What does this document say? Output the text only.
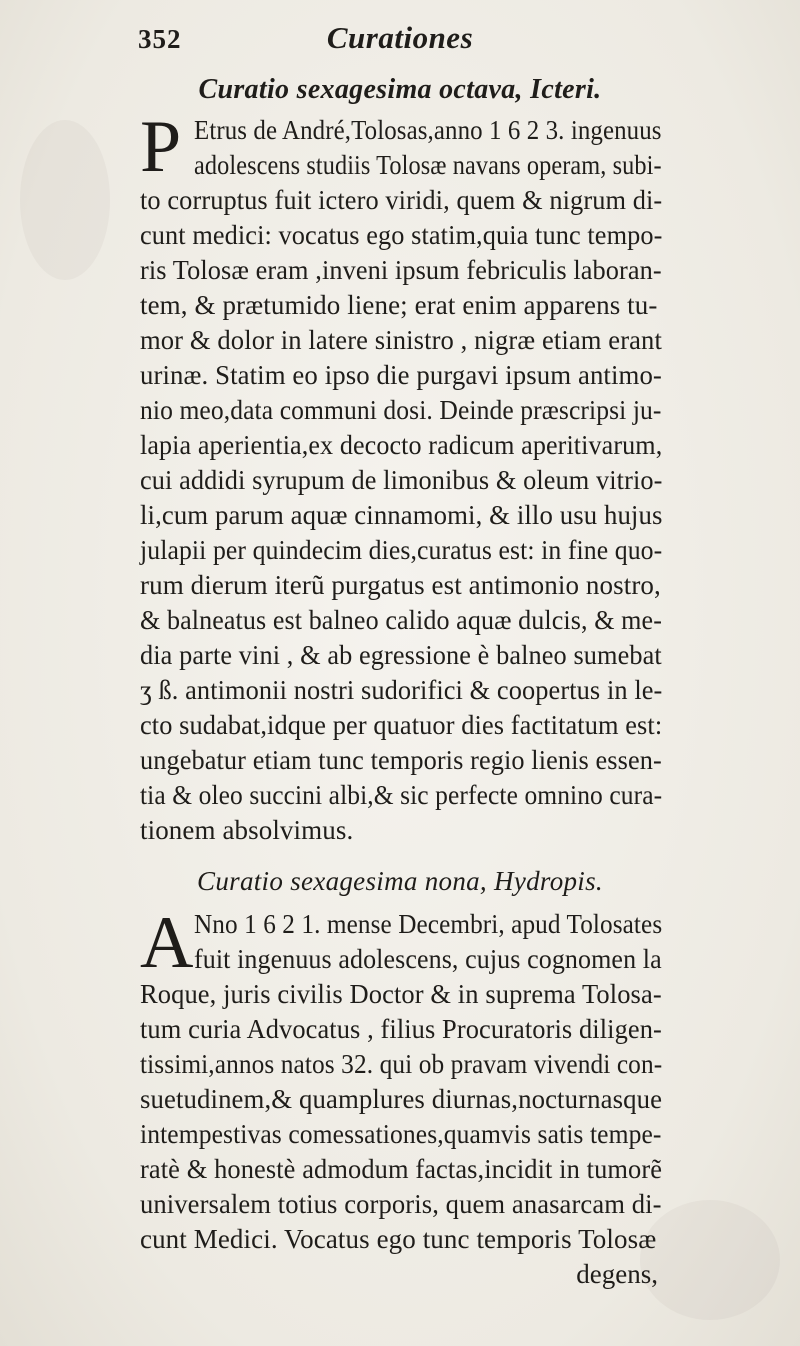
352	Curationes
Curatio sexagesima octava, Icteri.
P Etrus de André,Tolosas,anno 1 6 2 3. ingenuus
adolescens studiis Tolosæ navans operam, subi-
to corruptus fuit ictero viridi, quem & nigrum di-
cunt medici: vocatus ego statim,quia tunc tempo-
ris Tolosæ eram ,inveni ipsum febriculis laboran-
tem, & prætumido liene; erat enim apparens tu-
mor & dolor in latere sinistro , nigræ etiam erant
urinæ. Statim eo ipso die purgavi ipsum antimo-
nio meo,data communi dosi. Deinde præscripsi ju-
lapia aperientia,ex decocto radicum aperitivarum,
cui addidi syrupum de limonibus & oleum vitrio-
li,cum parum aquæ cinnamomi, & illo usu hujus
julapii per quindecim dies,curatus est: in fine quo-
rum dierum iterũ purgatus est antimonio nostro,
& balneatus est balneo calido aquæ dulcis, & me-
dia parte vini , & ab egressione è balneo sumebat
ʒ ß. antimonii nostri sudorifici & coopertus in le-
cto sudabat,idque per quatuor dies factitatum est:
ungebatur etiam tunc temporis regio lienis essen-
tia & oleo succini albi,& sic perfecte omnino cura-
tionem absolvimus.
Curatio sexagesima nona, Hydropis.
A Nno 1 6 2 1. mense Decembri, apud Tolosates
fuit ingenuus adolescens, cujus cognomen la
Roque, juris civilis Doctor & in suprema Tolosa-
tum curia Advocatus , filius Procuratoris diligen-
tissimi,annos natos 32. qui ob pravam vivendi con-
suetudinem,& quamplures diurnas,nocturnasque
intempestivas comessationes,quamvis satis tempe-
ratè & honestè admodum factas,incidit in tumorẽ
universalem totius corporis, quem anasarcam di-
cunt Medici. Vocatus ego tunc temporis Tolosæ
degens,
